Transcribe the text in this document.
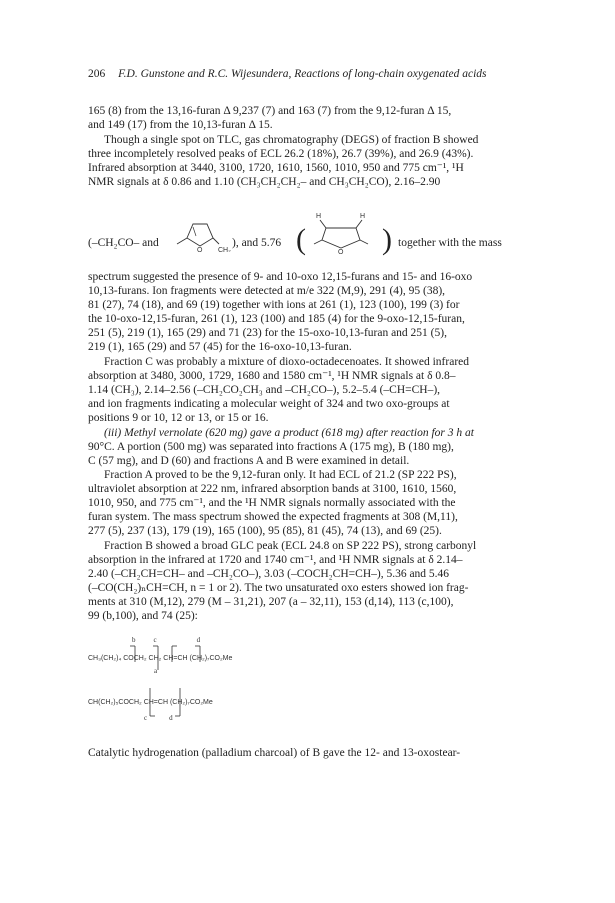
206 F.D. Gunstone and R.C. Wijesundera, Reactions of long-chain oxygenated acids
165 (8) from the 13,16-furan Δ 9,237 (7) and 163 (7) from the 9,12-furan Δ 15,
and 149 (17) from the 10,13-furan Δ 15.
Though a single spot on TLC, gas chromatography (DEGS) of fraction B showed
three incompletely resolved peaks of ECL 26.2 (18%), 26.7 (39%), and 26.9 (43%).
Infrared absorption at 3440, 3100, 1720, 1610, 1560, 1010, 950 and 775 cm⁻¹, ¹H
NMR signals at δ 0.86 and 1.10 (CH₃CH₂CH₂– and CH₃CH₂CO), 2.16–2.90
(–CH₂CO– and
O CH₂
), and 5.76 (
H	H
O ) together with the mass
spectrum suggested the presence of 9- and 10-oxo 12,15-furans and 15- and 16-oxo
10,13-furans. Ion fragments were detected at m/e 322 (M,9), 291 (4), 95 (38),
81 (27), 74 (18), and 69 (19) together with ions at 261 (1), 123 (100), 199 (3) for
the 10-oxo-12,15-furan, 261 (1), 123 (100) and 185 (4) for the 9-oxo-12,15-furan,
251 (5), 219 (1), 165 (29) and 71 (23) for the 15-oxo-10,13-furan and 251 (5),
219 (1), 165 (29) and 57 (45) for the 16-oxo-10,13-furan.
Fraction C was probably a mixture of dioxo-octadecenoates. It showed infrared
absorption at 3480, 3000, 1729, 1680 and 1580 cm⁻¹, ¹H NMR signals at δ 0.8–
1.14 (CH₃), 2.14–2.56 (–CH₂CO₂CH₃ and –CH₂CO–), 5.2–5.4 (–CH=CH–),
and ion fragments indicating a molecular weight of 324 and two oxo-groups at
positions 9 or 10, 12 or 13, or 15 or 16.
(iii) Methyl vernolate (620 mg) gave a product (618 mg) after reaction for 3 h at
90°C. A portion (500 mg) was separated into fractions A (175 mg), B (180 mg),
C (57 mg), and D (60) and fractions A and B were examined in detail.
Fraction A proved to be the 9,12-furan only. It had ECL of 21.2 (SP 222 PS),
ultraviolet absorption at 222 nm, infrared absorption bands at 3100, 1610, 1560,
1010, 950, and 775 cm⁻¹, and the ¹H NMR signals normally associated with the
furan system. The mass spectrum showed the expected fragments at 308 (M,11),
277 (5), 237 (13), 179 (19), 165 (100), 95 (85), 81 (45), 74 (13), and 69 (25).
Fraction B showed a broad GLC peak (ECL 24.8 on SP 222 PS), strong carbonyl
absorption in the infrared at 1720 and 1740 cm⁻¹, and ¹H NMR signals at δ 2.14–
2.40 (–CH₂CH=CH– and –CH₂CO–), 3.03 (–COCH₂CH=CH–), 5.36 and 5.46
(–CO(CH₂)ₙCH=CH, n = 1 or 2). The two unsaturated oxo esters showed ion frag-
ments at 310 (M,12), 279 (M – 31,21), 207 (a – 32,11), 153 (d,14), 113 (c,100),
99 (b,100), and 74 (25):
bc	d
CH₃(CH₂)₄ COCH₂ CH₂ CH=CH (CH₂)₇CO₂Me
a
CH(CH₂)₅COCH₂ CH=CH (CH₂)₇CO₂Me
cd
Catalytic hydrogenation (palladium charcoal) of B gave the 12- and 13-oxostear-
